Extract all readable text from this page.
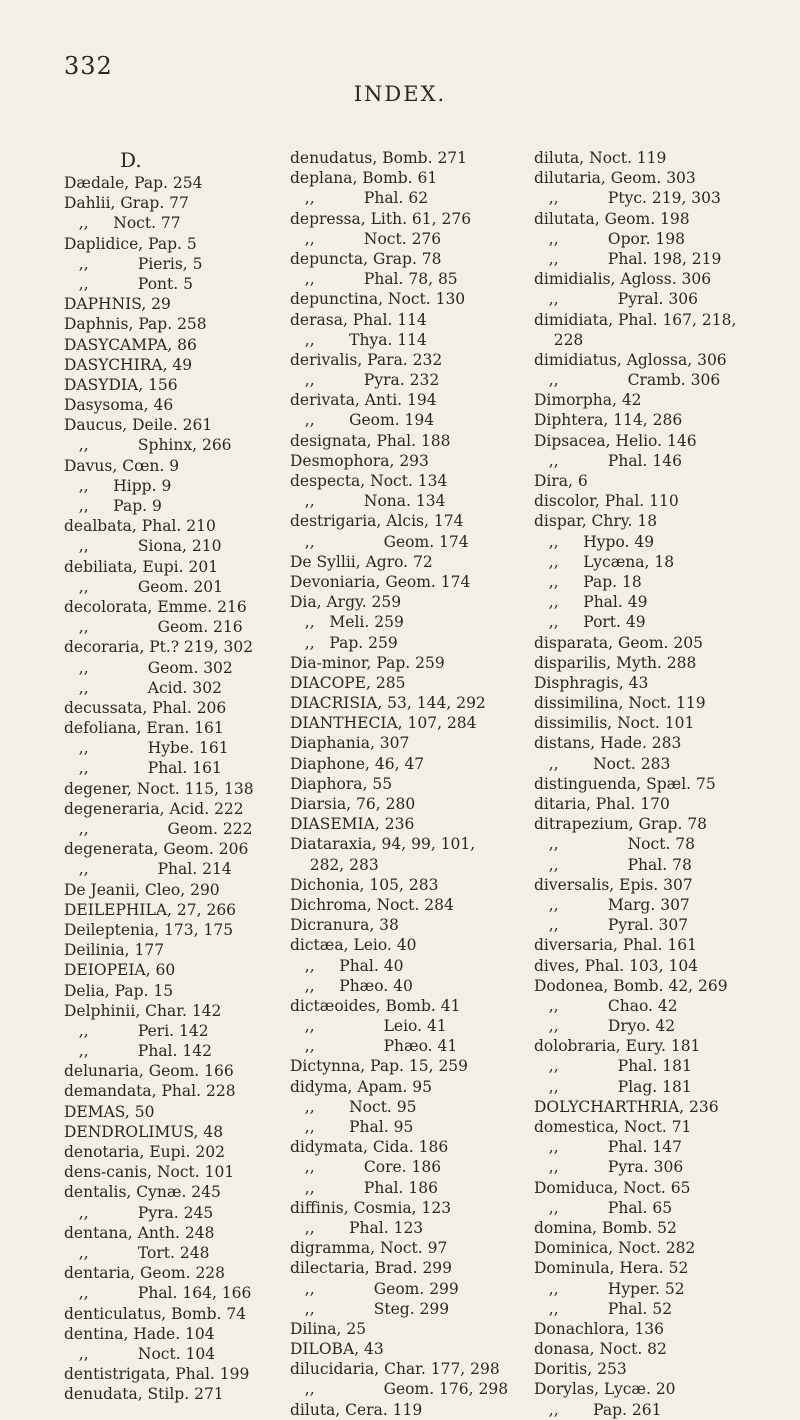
332
INDEX.
D.
Dædale, Pap. 254
Dahlii, Grap. 77
,,     Noct. 77
Daplidice, Pap. 5
,,          Pieris, 5
,,          Pont. 5
DAPHNIS, 29
Daphnis, Pap. 258
DASYCAMPA, 86
DASYCHIRA, 49
DASYDIA, 156
Dasysoma, 46
Daucus, Deile. 261
,,          Sphinx, 266
Davus, Cœn. 9
,,     Hipp. 9
,,     Pap. 9
dealbata, Phal. 210
,,          Siona, 210
debiliata, Eupi. 201
,,          Geom. 201
decolorata, Emme. 216
,,              Geom. 216
decoraria, Pt.? 219, 302
,,            Geom. 302
,,            Acid. 302
decussata, Phal. 206
defoliana, Eran. 161
,,            Hybe. 161
,,            Phal. 161
degener, Noct. 115, 138
degeneraria, Acid. 222
,,                Geom. 222
degenerata, Geom. 206
,,              Phal. 214
De Jeanii, Cleo, 290
DEILEPHILA, 27, 266
Deileptenia, 173, 175
Deilinia, 177
DEIOPEIA, 60
Delia, Pap. 15
Delphinii, Char. 142
,,          Peri. 142
,,          Phal. 142
delunaria, Geom. 166
demandata, Phal. 228
DEMAS, 50
DENDROLIMUS, 48
denotaria, Eupi. 202
dens-canis, Noct. 101
dentalis, Cynæ. 245
,,          Pyra. 245
dentana, Anth. 248
,,          Tort. 248
dentaria, Geom. 228
,,          Phal. 164, 166
denticulatus, Bomb. 74
dentina, Hade. 104
,,          Noct. 104
dentistrigata, Phal. 199
denudata, Stilp. 271
denudatus, Bomb. 271
deplana, Bomb. 61
,,          Phal. 62
depressa, Lith. 61, 276
,,          Noct. 276
depuncta, Grap. 78
,,          Phal. 78, 85
depunctina, Noct. 130
derasa, Phal. 114
,,       Thya. 114
derivalis, Para. 232
,,          Pyra. 232
derivata, Anti. 194
,,       Geom. 194
designata, Phal. 188
Desmophora, 293
despecta, Noct. 134
,,          Nona. 134
destrigaria, Alcis, 174
,,              Geom. 174
De Syllii, Agro. 72
Devoniaria, Geom. 174
Dia, Argy. 259
,,   Meli. 259
,,   Pap. 259
Dia-minor, Pap. 259
DIACOPE, 285
DIACRISIA, 53, 144, 292
DIANTHECIA, 107, 284
Diaphania, 307
Diaphone, 46, 47
Diaphora, 55
Diarsia, 76, 280
DIASEMIA, 236
Diataraxia, 94, 99, 101,
282, 283
Dichonia, 105, 283
Dichroma, Noct. 284
Dicranura, 38
dictæa, Leio. 40
,,     Phal. 40
,,     Phæo. 40
dictæoides, Bomb. 41
,,              Leio. 41
,,              Phæo. 41
Dictynna, Pap. 15, 259
didyma, Apam. 95
,,       Noct. 95
,,       Phal. 95
didymata, Cida. 186
,,          Core. 186
,,          Phal. 186
diffinis, Cosmia, 123
,,       Phal. 123
digramma, Noct. 97
dilectaria, Brad. 299
,,            Geom. 299
,,            Steg. 299
Dilina, 25
DILOBA, 43
dilucidaria, Char. 177, 298
,,              Geom. 176, 298
diluta, Cera. 119
diluta, Noct. 119
dilutaria, Geom. 303
,,          Ptyc. 219, 303
dilutata, Geom. 198
,,          Opor. 198
,,          Phal. 198, 219
dimidialis, Agloss. 306
,,            Pyral. 306
dimidiata, Phal. 167, 218,
228
dimidiatus, Aglossa, 306
,,              Cramb. 306
Dimorpha, 42
Diphtera, 114, 286
Dipsacea, Helio. 146
,,          Phal. 146
Dira, 6
discolor, Phal. 110
dispar, Chry. 18
,,     Hypo. 49
,,     Lycæna, 18
,,     Pap. 18
,,     Phal. 49
,,     Port. 49
disparata, Geom. 205
disparilis, Myth. 288
Disphragis, 43
dissimilina, Noct. 119
dissimilis, Noct. 101
distans, Hade. 283
,,       Noct. 283
distinguenda, Spæl. 75
ditaria, Phal. 170
ditrapezium, Grap. 78
,,              Noct. 78
,,              Phal. 78
diversalis, Epis. 307
,,          Marg. 307
,,          Pyral. 307
diversaria, Phal. 161
dives, Phal. 103, 104
Dodonea, Bomb. 42, 269
,,          Chao. 42
,,          Dryo. 42
dolobraria, Eury. 181
,,            Phal. 181
,,            Plag. 181
DOLYCHARTHRIA, 236
domestica, Noct. 71
,,          Phal. 147
,,          Pyra. 306
Domiduca, Noct. 65
,,          Phal. 65
domina, Bomb. 52
Dominica, Noct. 282
Dominula, Hera. 52
,,          Hyper. 52
,,          Phal. 52
Donachlora, 136
donasa, Noct. 82
Doritis, 253
Dorylas, Lycæ. 20
,,       Pap. 261
